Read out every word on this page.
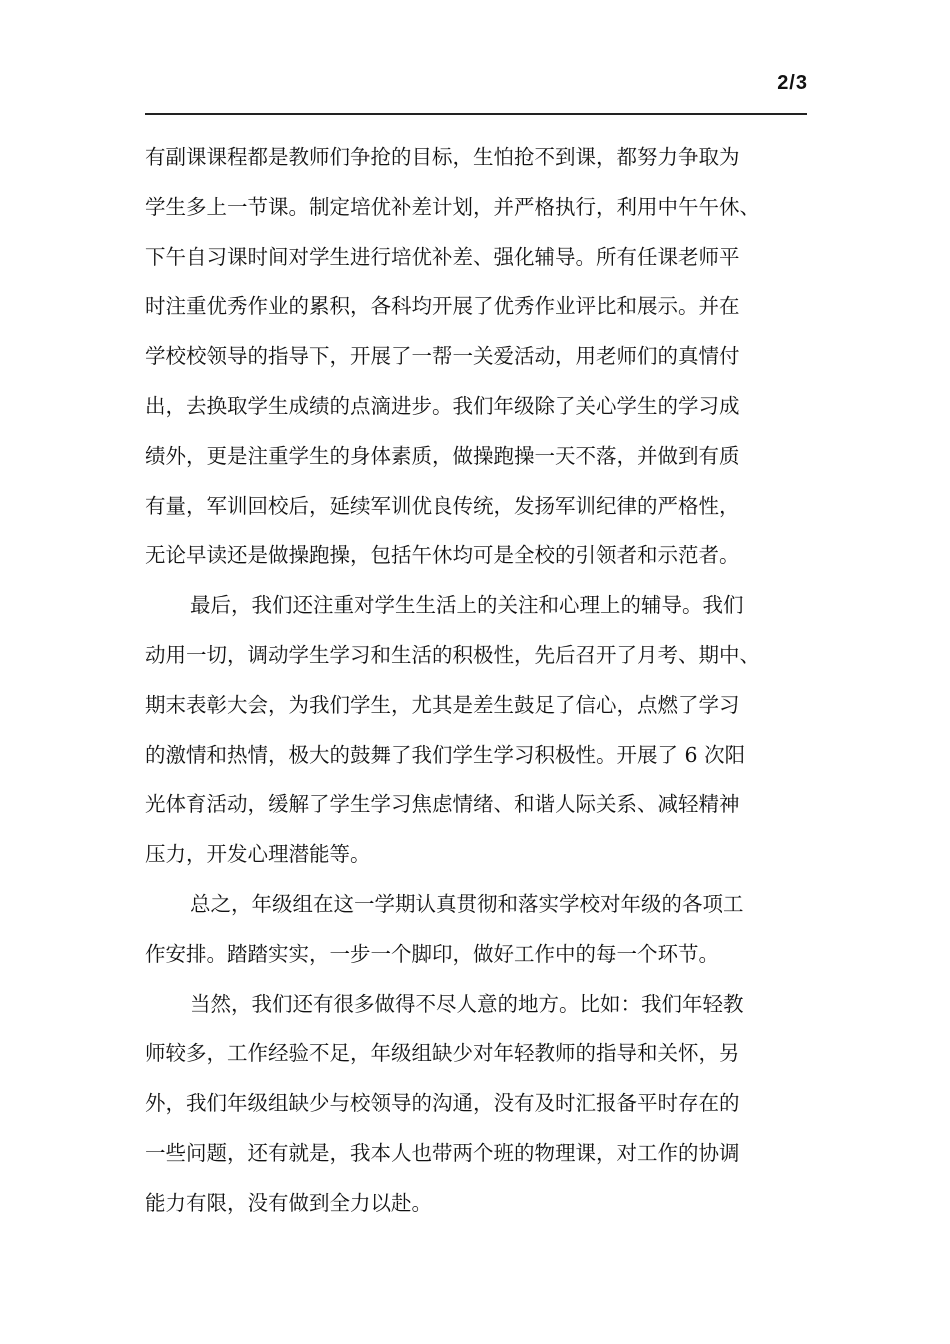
2/3

有副课课程都是教师们争抢的目标，生怕抢不到课，都努力争取为

学生多上一节课。制定培优补差计划，并严格执行，利用中午午休、

下午自习课时间对学生进行培优补差、强化辅导。所有任课老师平

时注重优秀作业的累积，各科均开展了优秀作业评比和展示。并在

学校校领导的指导下，开展了一帮一关爱活动，用老师们的真情付

出，去换取学生成绩的点滴进步。我们年级除了关心学生的学习成

绩外，更是注重学生的身体素质，做操跑操一天不落，并做到有质

有量，军训回校后，延续军训优良传统，发扬军训纪律的严格性，

无论早读还是做操跑操，包括午休均可是全校的引领者和示范者。

最后，我们还注重对学生生活上的关注和心理上的辅导。我们

动用一切，调动学生学习和生活的积极性，先后召开了月考、期中、

期末表彰大会，为我们学生，尤其是差生鼓足了信心，点燃了学习

的激情和热情，极大的鼓舞了我们学生学习积极性。开展了 6 次阳

光体育活动，缓解了学生学习焦虑情绪、和谐人际关系、减轻精神

压力，开发心理潜能等。

总之，年级组在这一学期认真贯彻和落实学校对年级的各项工

作安排。踏踏实实，一步一个脚印，做好工作中的每一个环节。

当然，我们还有很多做得不尽人意的地方。比如：我们年轻教

师较多，工作经验不足，年级组缺少对年轻教师的指导和关怀，另

外，我们年级组缺少与校领导的沟通，没有及时汇报备平时存在的

一些问题，还有就是，我本人也带两个班的物理课，对工作的协调

能力有限，没有做到全力以赴。
